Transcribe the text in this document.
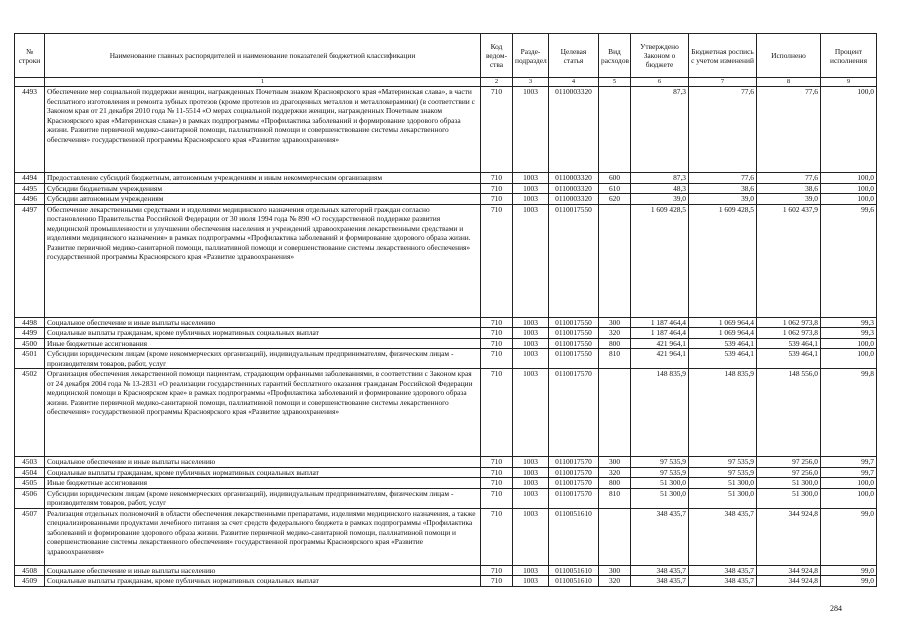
№ строки	Наименование главных распорядителей и наименование показателей бюджетной классификации	Код ведом-ства	Разде-подраздел	Целевая статья	Вид расходов	Утверждено Законом о бюджете	Бюджетная роспись с учетом изменений	Исполнено	Процент исполнения
	1	2	3	4	5	6	7	8	9
4493	Обеспечение мер социальной поддержки женщин, награжденных Почетным знаком Красноярского края «Материнская слава», в части бесплатного изготовления и ремонта зубных протезов (кроме протезов из драгоценных металлов и металлокерамики) (в соответствии с Законом края от 21 декабря 2010 года № 11-5514 «О мерах социальной поддержки женщин, награжденных Почетным знаком Красноярского края «Материнская слава») в рамках подпрограммы «Профилактика заболеваний и формирование здорового образа жизни. Развитие первичной медико-санитарной помощи, паллиативной помощи и совершенствование системы лекарственного обеспечения» государственной программы Красноярского края «Развитие здравоохранения»	710	1003	0110003320		87,3	77,6	77,6	100,0
4494	Предоставление субсидий бюджетным, автономным учреждениям и иным некоммерческим организациям	710	1003	0110003320	600	87,3	77,6	77,6	100,0
4495	Субсидии бюджетным учреждениям	710	1003	0110003320	610	48,3	38,6	38,6	100,0
4496	Субсидии автономным учреждениям	710	1003	0110003320	620	39,0	39,0	39,0	100,0
4497	Обеспечение лекарственными средствами и изделиями медицинского назначения отдельных категорий граждан согласно постановлению Правительства Российской Федерации от 30 июля 1994 года № 890 «О государственной поддержке развития медицинской промышленности и улучшении обеспечения населения и учреждений здравоохранения лекарственными средствами и изделиями медицинского назначения» в рамках подпрограммы «Профилактика заболеваний и формирование здорового образа жизни. Развитие первичной медико-санитарной помощи, паллиативной помощи и совершенствование системы лекарственного обеспечения» государственной программы Красноярского края «Развитие здравоохранения»	710	1003	0110017550		1 609 428,5	1 609 428,5	1 602 437,9	99,6
4498	Социальное обеспечение и иные выплаты населению	710	1003	0110017550	300	1 187 464,4	1 069 964,4	1 062 973,8	99,3
4499	Социальные выплаты гражданам, кроме публичных нормативных социальных выплат	710	1003	0110017550	320	1 187 464,4	1 069 964,4	1 062 973,8	99,3
4500	Иные бюджетные ассигнования	710	1003	0110017550	800	421 964,1	539 464,1	539 464,1	100,0
4501	Субсидии юридическим лицам (кроме некоммерческих организаций), индивидуальным предпринимателям, физическим лицам - производителям товаров, работ, услуг	710	1003	0110017550	810	421 964,1	539 464,1	539 464,1	100,0
4502	Организация обеспечения лекарственной помощи пациентам, страдающим орфанными заболеваниями, в соответствии с Законом края от 24 декабря 2004 года № 13-2831 «О реализации государственных гарантий бесплатного оказания гражданам Российской Федерации медицинской помощи в Красноярском крае» в рамках подпрограммы «Профилактика заболеваний и формирование здорового образа жизни. Развитие первичной медико-санитарной помощи, паллиативной помощи и совершенствование системы лекарственного обеспечения» государственной программы Красноярского края «Развитие здравоохранения»	710	1003	0110017570		148 835,9	148 835,9	148 556,0	99,8
4503	Социальное обеспечение и иные выплаты населению	710	1003	0110017570	300	97 535,9	97 535,9	97 256,0	99,7
4504	Социальные выплаты гражданам, кроме публичных нормативных социальных выплат	710	1003	0110017570	320	97 535,9	97 535,9	97 256,0	99,7
4505	Иные бюджетные ассигнования	710	1003	0110017570	800	51 300,0	51 300,0	51 300,0	100,0
4506	Субсидии юридическим лицам (кроме некоммерческих организаций), индивидуальным предпринимателям, физическим лицам - производителям товаров, работ, услуг	710	1003	0110017570	810	51 300,0	51 300,0	51 300,0	100,0
4507	Реализация отдельных полномочий в области обеспечения лекарственными препаратами, изделиями медицинского назначения, а также специализированными продуктами лечебного питания за счет средств федерального бюджета в рамках подпрограммы «Профилактика заболеваний и формирование здорового образа жизни. Развитие первичной медико-санитарной помощи, паллиативной помощи и совершенствование системы лекарственного обеспечения» государственной программы Красноярского края «Развитие здравоохранения»	710	1003	0110051610		348 435,7	348 435,7	344 924,8	99,0
4508	Социальное обеспечение и иные выплаты населению	710	1003	0110051610	300	348 435,7	348 435,7	344 924,8	99,0
4509	Социальные выплаты гражданам, кроме публичных нормативных социальных выплат	710	1003	0110051610	320	348 435,7	348 435,7	344 924,8	99,0
284
